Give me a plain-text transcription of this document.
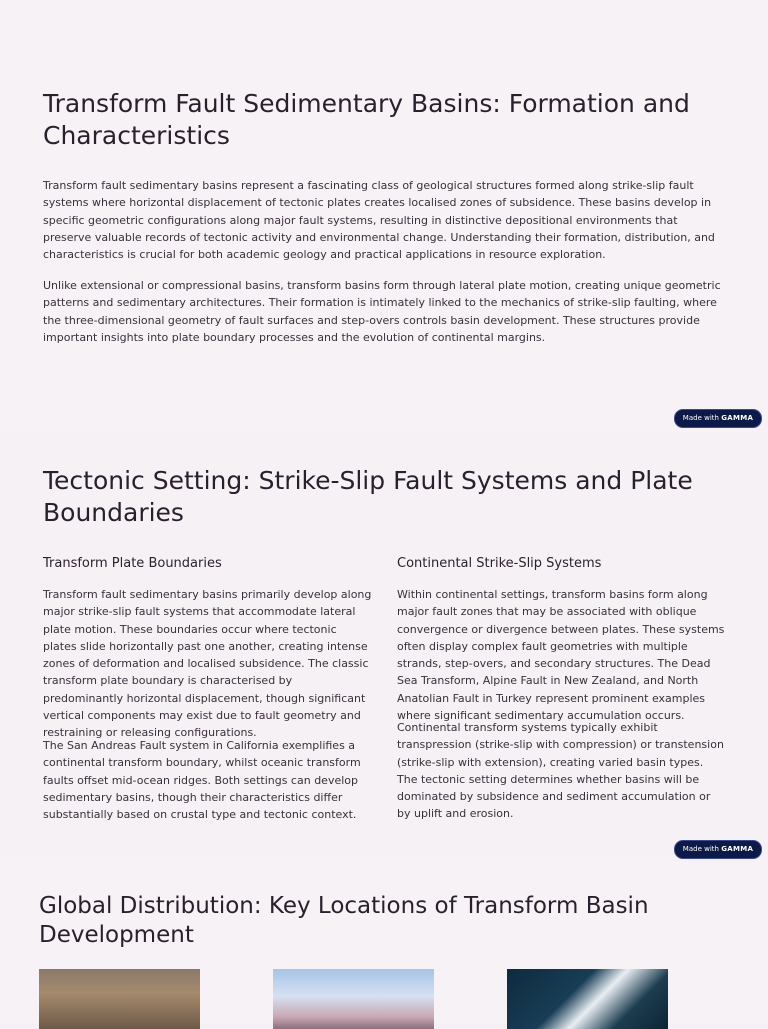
Transform Fault Sedimentary Basins: Formation and Characteristics

Transform fault sedimentary basins represent a fascinating class of geological structures formed along strike-slip fault systems where horizontal displacement of tectonic plates creates localised zones of subsidence. These basins develop in specific geometric configurations along major fault systems, resulting in distinctive depositional environments that preserve valuable records of tectonic activity and environmental change. Understanding their formation, distribution, and characteristics is crucial for both academic geology and practical applications in resource exploration.

Unlike extensional or compressional basins, transform basins form through lateral plate motion, creating unique geometric patterns and sedimentary architectures. Their formation is intimately linked to the mechanics of strike-slip faulting, where the three-dimensional geometry of fault surfaces and step-overs controls basin development. These structures provide important insights into plate boundary processes and the evolution of continental margins.

Made with GAMMA
Tectonic Setting: Strike-Slip Fault Systems and Plate Boundaries
Transform Plate Boundaries

Transform fault sedimentary basins primarily develop along major strike-slip fault systems that accommodate lateral plate motion. These boundaries occur where tectonic plates slide horizontally past one another, creating intense zones of deformation and localised subsidence. The classic transform plate boundary is characterised by predominantly horizontal displacement, though significant vertical components may exist due to fault geometry and restraining or releasing configurations.

The San Andreas Fault system in California exemplifies a continental transform boundary, whilst oceanic transform faults offset mid-ocean ridges. Both settings can develop sedimentary basins, though their characteristics differ substantially based on crustal type and tectonic context.

Continental Strike-Slip Systems

Within continental settings, transform basins form along major fault zones that may be associated with oblique convergence or divergence between plates. These systems often display complex fault geometries with multiple strands, step-overs, and secondary structures. The Dead Sea Transform, Alpine Fault in New Zealand, and North Anatolian Fault in Turkey represent prominent examples where significant sedimentary accumulation occurs.

Continental transform systems typically exhibit transpression (strike-slip with compression) or transtension (strike-slip with extension), creating varied basin types. The tectonic setting determines whether basins will be dominated by subsidence and sediment accumulation or by uplift and erosion.

Made with GAMMA
Global Distribution: Key Locations of Transform Basin Development
